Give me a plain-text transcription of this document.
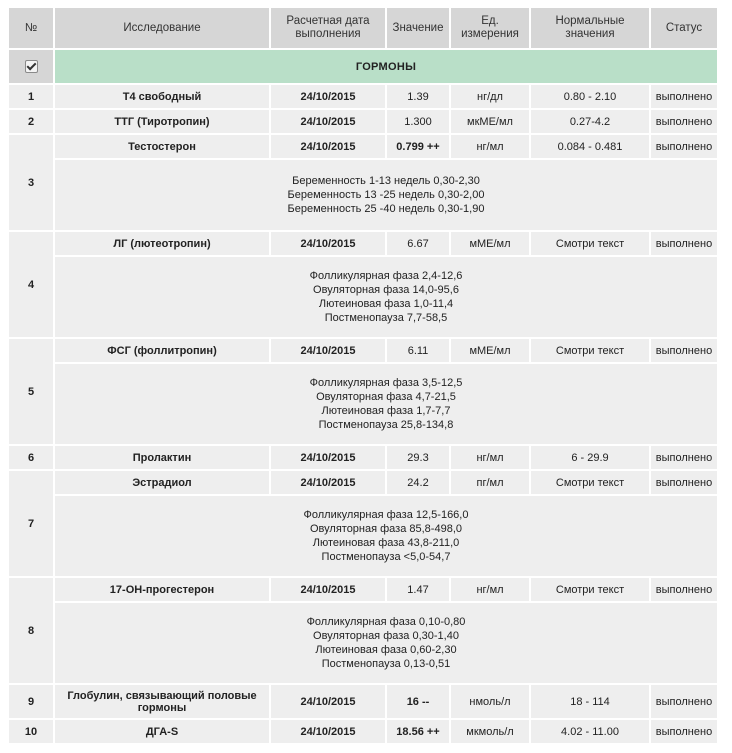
№	Исследование	Расчетная дата выполнения	Значение	Ед. измерения	Нормальные значения	Статус
	ГОРМОНЫ					
1	Т4 свободный	24/10/2015	1.39	нг/дл	0.80 - 2.10	выполнено
2	ТТГ (Тиротропин)	24/10/2015	1.300	мкМЕ/мл	0.27-4.2	выполнено
3	Тестостерон	24/10/2015	0.799 ++	нг/мл	0.084 - 0.481	выполнено

	Беременность 1-13 недель 0,30-2,30
Беременность 13 -25 недель 0,30-2,00
Беременность 25 -40 недель 0,30-1,90					

4	ЛГ (лютеотропин)	24/10/2015	6.67	мМЕ/мл	Смотри текст	выполнено

	Фолликулярная фаза 2,4-12,6
Овуляторная фаза 14,0-95,6
Лютеиновая фаза 1,0-11,4
Постменопауза 7,7-58,5					

5	ФСГ (фоллитропин)	24/10/2015	6.11	мМЕ/мл	Смотри текст	выполнено

	Фолликулярная фаза 3,5-12,5
Овуляторная фаза 4,7-21,5
Лютеиновая фаза 1,7-7,7
Постменопауза 25,8-134,8					

6	Пролактин	24/10/2015	29.3	нг/мл	6 - 29.9	выполнено
7	Эстрадиол	24/10/2015	24.2	пг/мл	Смотри текст	выполнено

	Фолликулярная фаза 12,5-166,0
Овуляторная фаза 85,8-498,0
Лютеиновая фаза 43,8-211,0
Постменопауза <5,0-54,7					

8	17-ОН-прогестерон	24/10/2015	1.47	нг/мл	Смотри текст	выполнено

	Фолликулярная фаза 0,10-0,80
Овуляторная фаза 0,30-1,40
Лютеиновая фаза 0,60-2,30
Постменопауза 0,13-0,51					

9	Глобулин, связывающий половые гормоны	24/10/2015	16 --	нмоль/л	18 - 114	выполнено
10	ДГА-S	24/10/2015	18.56 ++	мкмоль/л	4.02 - 11.00	выполнено
